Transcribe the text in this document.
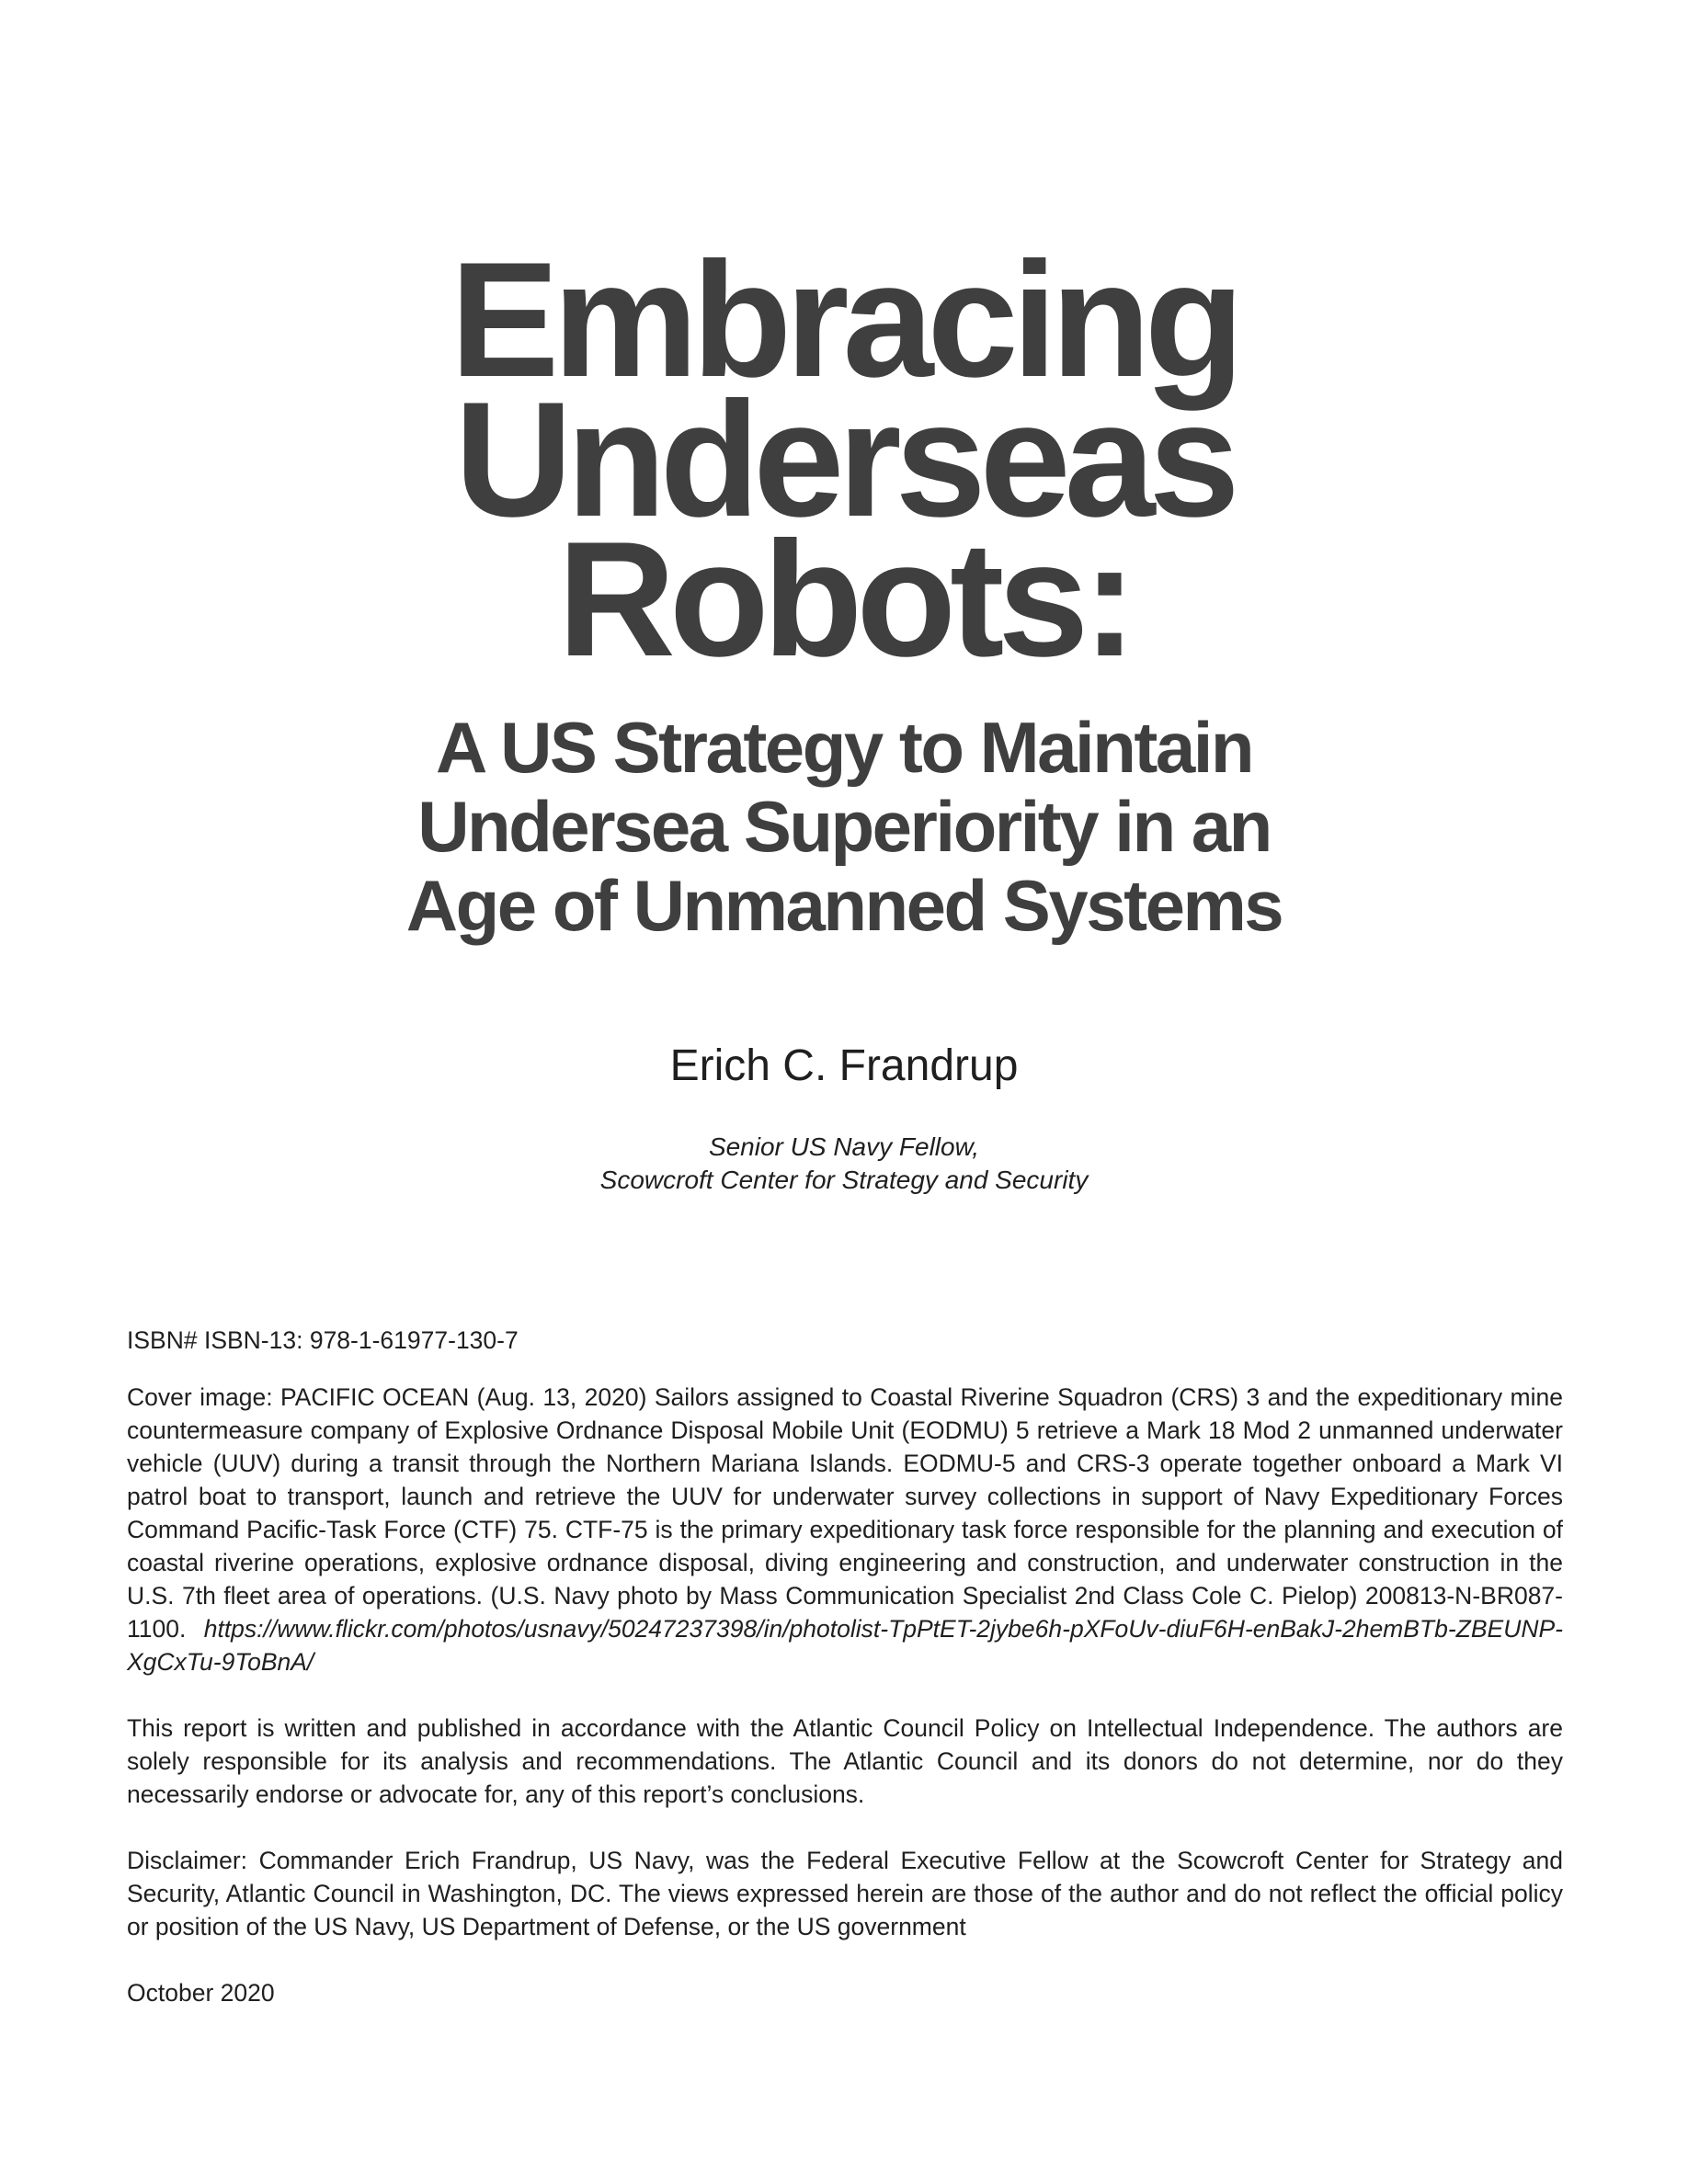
Embracing
Underseas
Robots:
A US Strategy to Maintain
Undersea Superiority in an
Age of Unmanned Systems
Erich C. Frandrup
Senior US Navy Fellow,
Scowcroft Center for Strategy and Security
ISBN# ISBN-13: 978-1-61977-130-7
Cover image: PACIFIC OCEAN (Aug. 13, 2020) Sailors assigned to Coastal Riverine Squadron (CRS) 3 and the expeditionary mine countermeasure company of Explosive Ordnance Disposal Mobile Unit (EODMU) 5 retrieve a Mark 18 Mod 2 unmanned underwater vehicle (UUV) during a transit through the Northern Mariana Islands. EODMU-5 and CRS-3 operate together onboard a Mark VI patrol boat to transport, launch and retrieve the UUV for underwater survey collections in support of Navy Expeditionary Forces Command Pacific-Task Force (CTF) 75. CTF-75 is the primary expeditionary task force responsible for the planning and execution of coastal riverine operations, explosive ordnance disposal, diving engineering and construction, and underwater construction in the U.S. 7th fleet area of operations. (U.S. Navy photo by Mass Communication Specialist 2nd Class Cole C. Pielop) 200813-N-BR087-1100. https://www.flickr.com/photos/usnavy/50247237398/in/photolist-TpPtET-2jybe6h-pXFoUv-diuF6H-enBakJ-2hemBTb-ZBEUNP-XgCxTu-9ToBnA/
This report is written and published in accordance with the Atlantic Council Policy on Intellectual Independence. The authors are solely responsible for its analysis and recommendations. The Atlantic Council and its donors do not determine, nor do they necessarily endorse or advocate for, any of this report’s conclusions.
Disclaimer: Commander Erich Frandrup, US Navy, was the Federal Executive Fellow at the Scowcroft Center for Strategy and Security, Atlantic Council in Washington, DC. The views expressed herein are those of the author and do not reflect the official policy or position of the US Navy, US Department of Defense, or the US government
October 2020
